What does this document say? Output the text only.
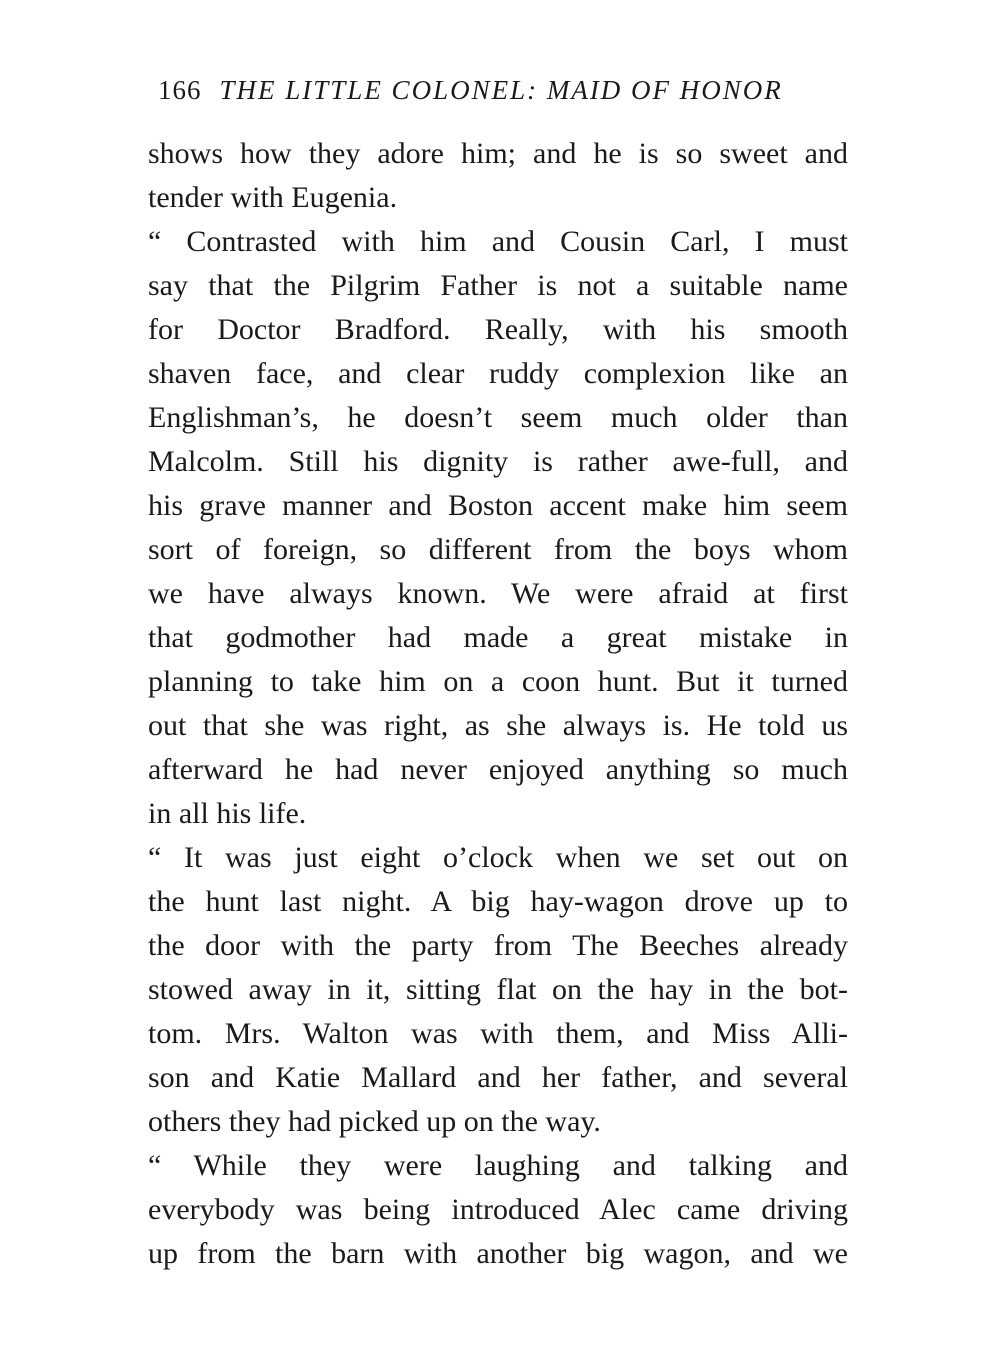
166 THE LITTLE COLONEL: MAID OF HONOR
shows how they adore him; and he is so sweet and
tender with Eugenia.
“ Contrasted with him and Cousin Carl, I must
say that the Pilgrim Father is not a suitable name
for Doctor Bradford. Really, with his smooth
shaven face, and clear ruddy complexion like an
Englishman’s, he doesn’t seem much older than
Malcolm. Still his dignity is rather awe-full, and
his grave manner and Boston accent make him seem
sort of foreign, so different from the boys whom
we have always known. We were afraid at first
that godmother had made a great mistake in
planning to take him on a coon hunt. But it turned
out that she was right, as she always is. He told us
afterward he had never enjoyed anything so much
in all his life.
“ It was just eight o’clock when we set out on
the hunt last night. A big hay-wagon drove up to
the door with the party from The Beeches already
stowed away in it, sitting flat on the hay in the bot-
tom. Mrs. Walton was with them, and Miss Alli-
son and Katie Mallard and her father, and several
others they had picked up on the way.
“ While they were laughing and talking and
everybody was being introduced Alec came driving
up from the barn with another big wagon, and we
